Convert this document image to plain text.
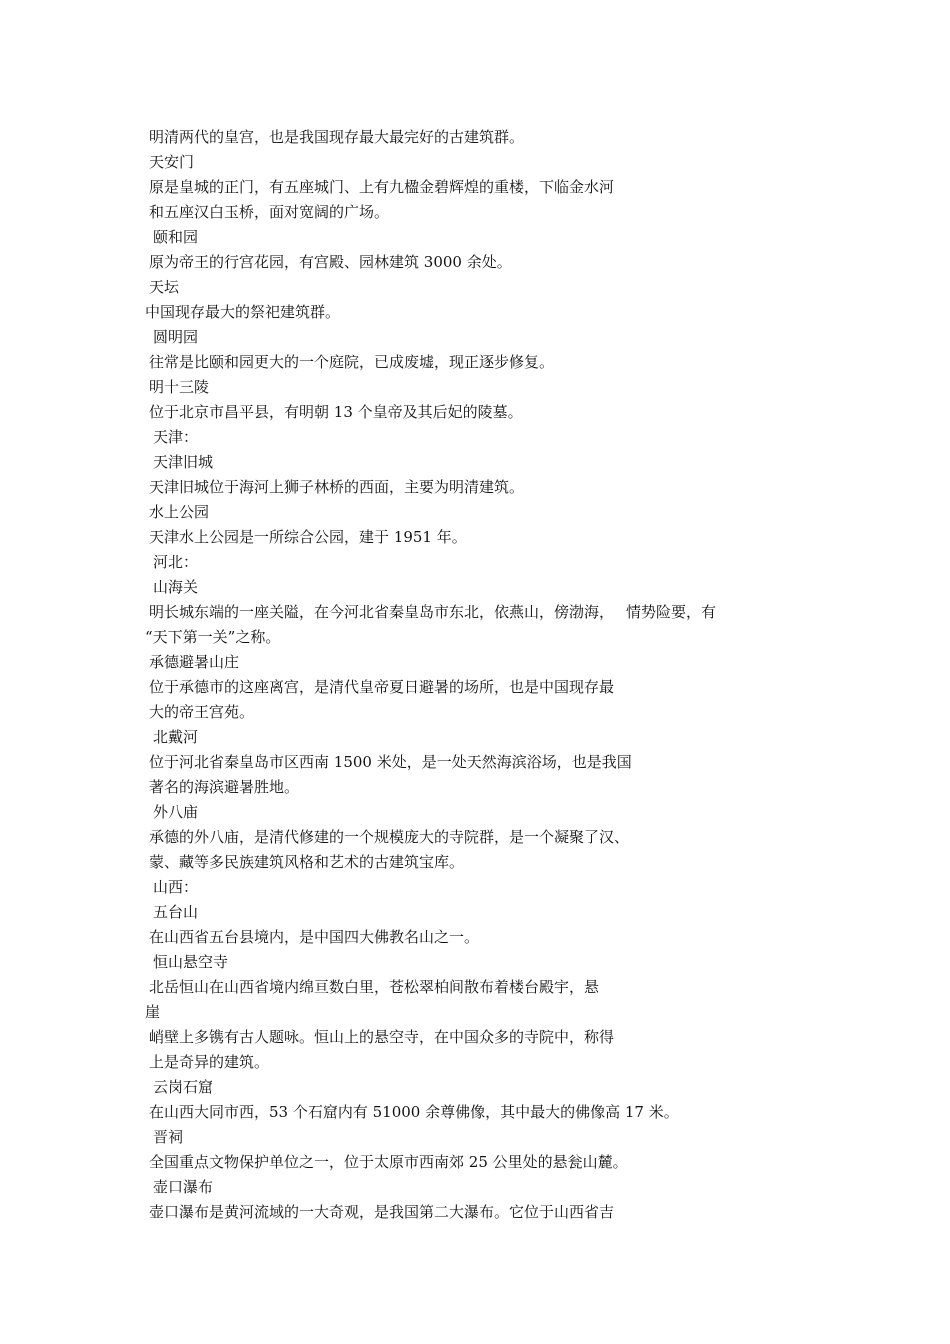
明清两代的皇宫，也是我国现存最大最完好的古建筑群。
天安门
原是皇城的正门，有五座城门、上有九楹金碧辉煌的重楼，下临金水河
和五座汉白玉桥，面对宽阔的广场。
颐和园
原为帝王的行宫花园，有宫殿、园林建筑 3000 余处。
天坛
中国现存最大的祭祀建筑群。
圆明园
往常是比颐和园更大的一个庭院，已成废墟，现正逐步修复。
明十三陵
位于北京市昌平县，有明朝 13 个皇帝及其后妃的陵墓。
天津：
天津旧城
天津旧城位于海河上狮子林桥的西面，主要为明清建筑。
水上公园
天津水上公园是一所综合公园，建于 1951 年。
河北：
山海关
明长城东端的一座关隘，在今河北省秦皇岛市东北，依燕山，傍渤海， 情势险要，有
“天下第一关”之称。
承德避暑山庄
位于承德市的这座离宫，是清代皇帝夏日避暑的场所，也是中国现存最
大的帝王宫苑。
北戴河
位于河北省秦皇岛市区西南 1500 米处，是一处天然海滨浴场，也是我国
著名的海滨避暑胜地。
外八庙
承德的外八庙，是清代修建的一个规模庞大的寺院群，是一个凝聚了汉、
蒙、藏等多民族建筑风格和艺术的古建筑宝库。
山西：
五台山
在山西省五台县境内，是中国四大佛教名山之一。
恒山悬空寺
北岳恒山在山西省境内绵亘数白里，苍松翠柏间散布着楼台殿宇，悬
崖
峭壁上多镌有古人题咏。恒山上的悬空寺，在中国众多的寺院中，称得
上是奇异的建筑。
云岗石窟
在山西大同市西，53 个石窟内有 51000 余尊佛像，其中最大的佛像高 17 米。
晋祠
全国重点文物保护单位之一，位于太原市西南郊 25 公里处的悬瓮山麓。
壶口瀑布
壶口瀑布是黄河流域的一大奇观，是我国第二大瀑布。它位于山西省吉
